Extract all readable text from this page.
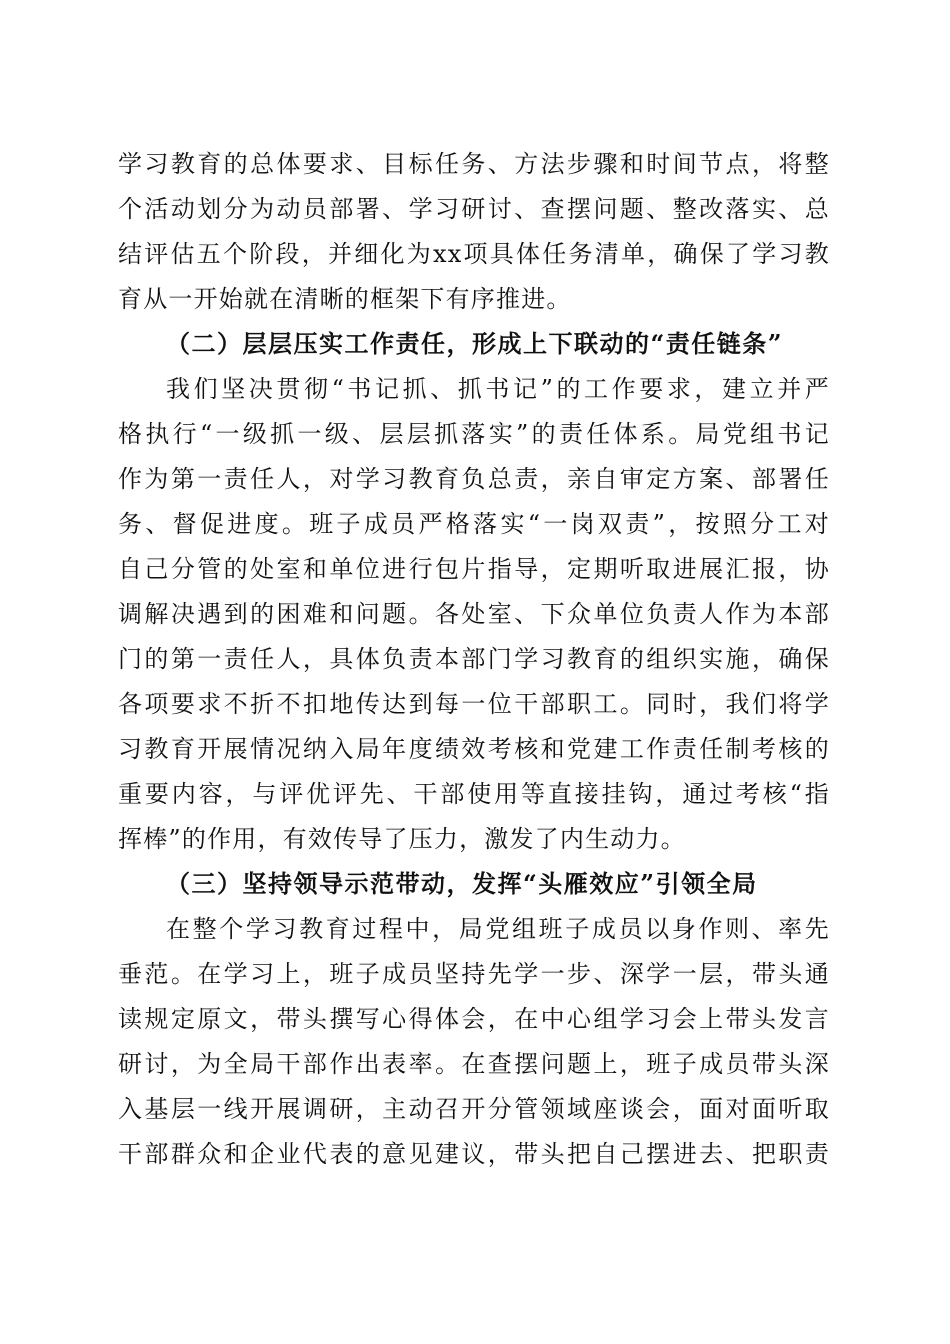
学习教育的总体要求、目标任务、方法步骤和时间节点，将整
个活动划分为动员部署、学习研讨、查摆问题、整改落实、总
结评估五个阶段，并细化为xx项具体任务清单，确保了学习教
育从一开始就在清晰的框架下有序推进。
（二）层层压实工作责任，形成上下联动的“责任链条”
我们坚决贯彻“书记抓、抓书记”的工作要求，建立并严
格执行“一级抓一级、层层抓落实”的责任体系。局党组书记
作为第一责任人，对学习教育负总责，亲自审定方案、部署任
务、督促进度。班子成员严格落实“一岗双责”，按照分工对
自己分管的处室和单位进行包片指导，定期听取进展汇报，协
调解决遇到的困难和问题。各处室、下众单位负责人作为本部
门的第一责任人，具体负责本部门学习教育的组织实施，确保
各项要求不折不扣地传达到每一位干部职工。同时，我们将学
习教育开展情况纳入局年度绩效考核和党建工作责任制考核的
重要内容，与评优评先、干部使用等直接挂钩，通过考核“指
挥棒”的作用，有效传导了压力，激发了内生动力。
（三）坚持领导示范带动，发挥“头雁效应”引领全局
在整个学习教育过程中，局党组班子成员以身作则、率先
垂范。在学习上，班子成员坚持先学一步、深学一层，带头通
读规定原文，带头撰写心得体会，在中心组学习会上带头发言
研讨，为全局干部作出表率。在查摆问题上，班子成员带头深
入基层一线开展调研，主动召开分管领域座谈会，面对面听取
干部群众和企业代表的意见建议，带头把自己摆进去、把职责
